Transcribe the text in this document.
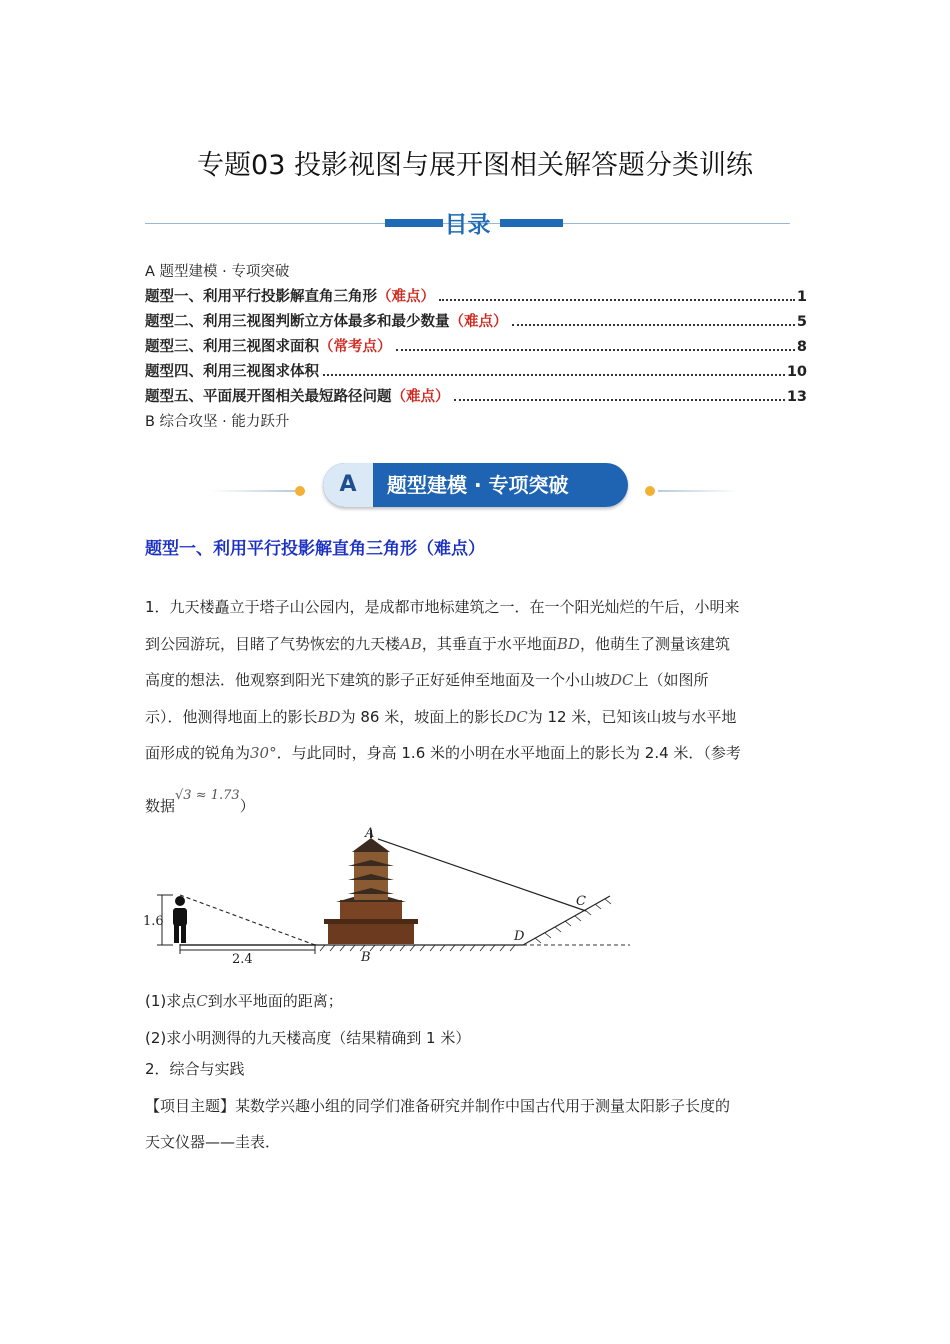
专题03 投影视图与展开图相关解答题分类训练
目录
A 题型建模 · 专项突破
题型一、利用平行投影解直角三角形 （难点）	1
题型二、利用三视图判断立方体最多和最少数量 （难点）	5
题型三、利用三视图求面积 （常考点）	8
题型四、利用三视图求体积	10
题型五、平面展开图相关最短路径问题 （难点）	13
B 综合攻坚 · 能力跃升
A	题型建模 · 专项突破
题型一、利用平行投影解直角三角形（难点）
1．九天楼矗立于塔子山公园内，是成都市地标建筑之一．在一个阳光灿烂的午后，小明来
到公园游玩，目睹了气势恢宏的九天楼AB，其垂直于水平地面BD，他萌生了测量该建筑
高度的想法．他观察到阳光下建筑的影子正好延伸至地面及一个小山坡DC上（如图所
示）．他测得地面上的影长BD为 86 米，坡面上的影长DC为 12 米，已知该山坡与水平地
面形成的锐角为30°．与此同时，身高 1.6 米的小明在水平地面上的影长为 2.4 米．（参考
数据√3 ≈ 1.73）
1.6
2.4
A
B
C
D
(1)求点C到水平地面的距离；
(2)求小明测得的九天楼高度（结果精确到 1 米）
2．综合与实践
【项目主题】某数学兴趣小组的同学们准备研究并制作中国古代用于测量太阳影子长度的
天文仪器——圭表．
